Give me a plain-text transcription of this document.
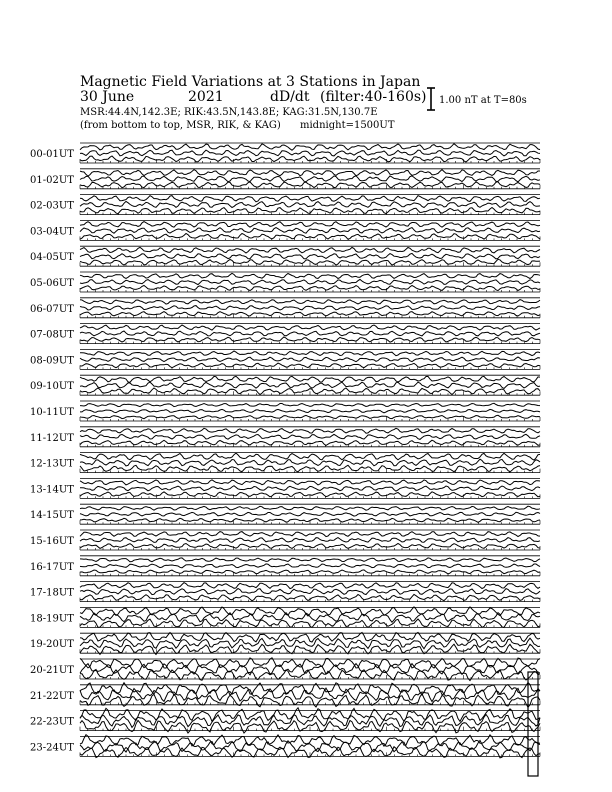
Magnetic Field Variations at 3 Stations in Japan
30 June	2021	dD/dt (filter:40-160s)
MSR:44.4N,142.3E; RIK:43.5N,143.8E; KAG:31.5N,130.7E
(from bottom to top, MSR, RIK, & KAG) midnight=1500UT
1.00 nT at T=80s
00-01UT
01-02UT
02-03UT
03-04UT
04-05UT
05-06UT
06-07UT
07-08UT
08-09UT
09-10UT
10-11UT
11-12UT
12-13UT
13-14UT
14-15UT
15-16UT
16-17UT
17-18UT
18-19UT
19-20UT
20-21UT
21-22UT
22-23UT
23-24UT
